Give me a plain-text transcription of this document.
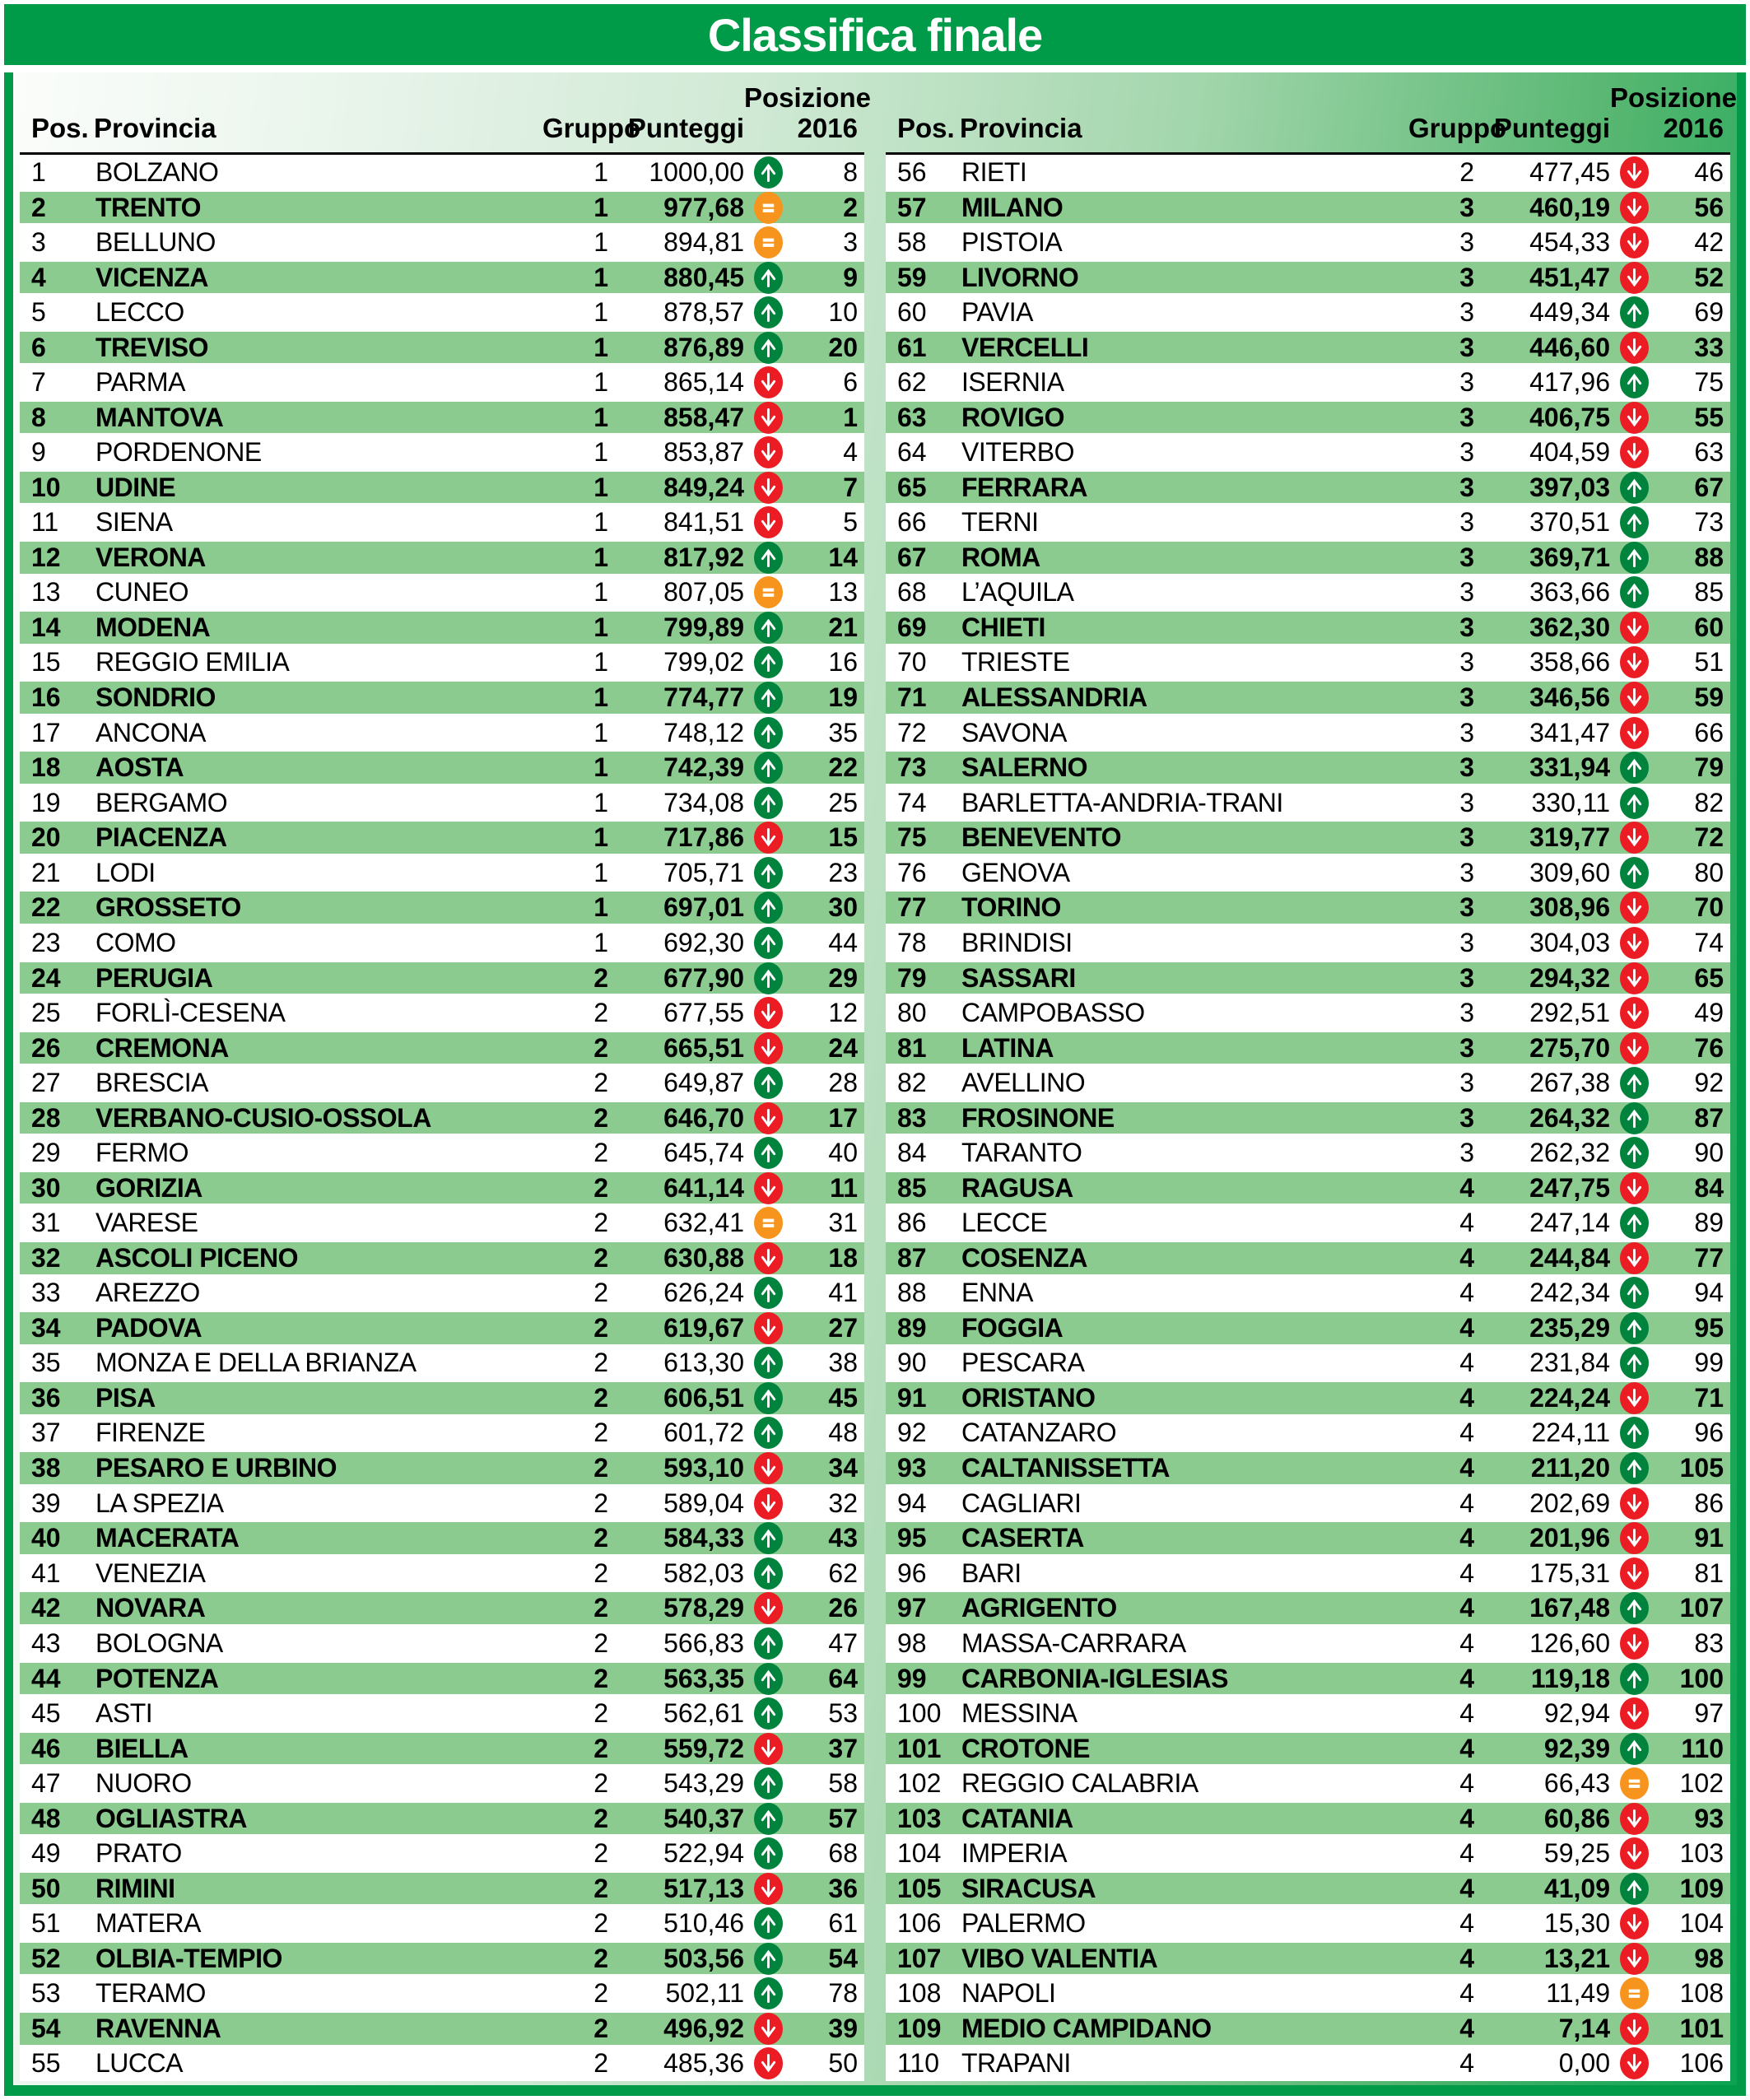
Classifica finale
Pos. Provincia	Gruppo
Punteggi
Posizione
2016
1	BOLZANO	1	1000,00	8
2	TRENTO	1	977,68	2
3	BELLUNO	1	894,81	3
4	VICENZA	1	880,45	9
5	LECCO	1	878,57	10
6	TREVISO	1	876,89	20
7	PARMA	1	865,14	6
8	MANTOVA	1	858,47	1
9	PORDENONE	1	853,87	4
10	UDINE	1	849,24	7
11	SIENA	1	841,51	5
12	VERONA	1	817,92	14
13	CUNEO	1	807,05	13
14	MODENA	1	799,89	21
15	REGGIO EMILIA	1	799,02	16
16	SONDRIO	1	774,77	19
17	ANCONA	1	748,12	35
18	AOSTA	1	742,39	22
19	BERGAMO	1	734,08	25
20	PIACENZA	1	717,86	15
21	LODI	1	705,71	23
22	GROSSETO	1	697,01	30
23	COMO	1	692,30	44
24	PERUGIA	2	677,90	29
25	FORLÌ-CESENA	2	677,55	12
26	CREMONA	2	665,51	24
27	BRESCIA	2	649,87	28
28	VERBANO-CUSIO-OSSOLA	2	646,70	17
29	FERMO	2	645,74	40
30	GORIZIA	2	641,14	11
31	VARESE	2	632,41	31
32	ASCOLI PICENO	2	630,88	18
33	AREZZO	2	626,24	41
34	PADOVA	2	619,67	27
35	MONZA E DELLA BRIANZA	2	613,30	38
36	PISA	2	606,51	45
37	FIRENZE	2	601,72	48
38	PESARO E URBINO	2	593,10	34
39	LA SPEZIA	2	589,04	32
40	MACERATA	2	584,33	43
41	VENEZIA	2	582,03	62
42	NOVARA	2	578,29	26
43	BOLOGNA	2	566,83	47
44	POTENZA	2	563,35	64
45	ASTI	2	562,61	53
46	BIELLA	2	559,72	37
47	NUORO	2	543,29	58
48	OGLIASTRA	2	540,37	57
49	PRATO	2	522,94	68
50	RIMINI	2	517,13	36
51	MATERA	2	510,46	61
52	OLBIA-TEMPIO	2	503,56	54
53	TERAMO	2	502,11	78
54	RAVENNA	2	496,92	39
55	LUCCA	2	485,36	50
Pos. Provincia	Gruppo
Punteggi
Posizione
2016
56	RIETI	2	477,45	46
57	MILANO	3	460,19	56
58	PISTOIA	3	454,33	42
59	LIVORNO	3	451,47	52
60	PAVIA	3	449,34	69
61	VERCELLI	3	446,60	33
62	ISERNIA	3	417,96	75
63	ROVIGO	3	406,75	55
64	VITERBO	3	404,59	63
65	FERRARA	3	397,03	67
66	TERNI	3	370,51	73
67	ROMA	3	369,71	88
68	L’AQUILA	3	363,66	85
69	CHIETI	3	362,30	60
70	TRIESTE	3	358,66	51
71	ALESSANDRIA	3	346,56	59
72	SAVONA	3	341,47	66
73	SALERNO	3	331,94	79
74	BARLETTA-ANDRIA-TRANI	3	330,11	82
75	BENEVENTO	3	319,77	72
76	GENOVA	3	309,60	80
77	TORINO	3	308,96	70
78	BRINDISI	3	304,03	74
79	SASSARI	3	294,32	65
80	CAMPOBASSO	3	292,51	49
81	LATINA	3	275,70	76
82	AVELLINO	3	267,38	92
83	FROSINONE	3	264,32	87
84	TARANTO	3	262,32	90
85	RAGUSA	4	247,75	84
86	LECCE	4	247,14	89
87	COSENZA	4	244,84	77
88	ENNA	4	242,34	94
89	FOGGIA	4	235,29	95
90	PESCARA	4	231,84	99
91	ORISTANO	4	224,24	71
92	CATANZARO	4	224,11	96
93	CALTANISSETTA	4	211,20	105
94	CAGLIARI	4	202,69	86
95	CASERTA	4	201,96	91
96	BARI	4	175,31	81
97	AGRIGENTO	4	167,48	107
98	MASSA-CARRARA	4	126,60	83
99	CARBONIA-IGLESIAS	4	119,18	100
100 MESSINA	4	92,94	97
101 CROTONE	4	92,39	110
102 REGGIO CALABRIA	4	66,43	102
103 CATANIA	4	60,86	93
104 IMPERIA	4	59,25	103
105 SIRACUSA	4	41,09	109
106 PALERMO	4	15,30	104
107 VIBO VALENTIA	4	13,21	98
108 NAPOLI	4	11,49	108
109 MEDIO CAMPIDANO	4	7,14	101
110 TRAPANI	4	0,00	106
